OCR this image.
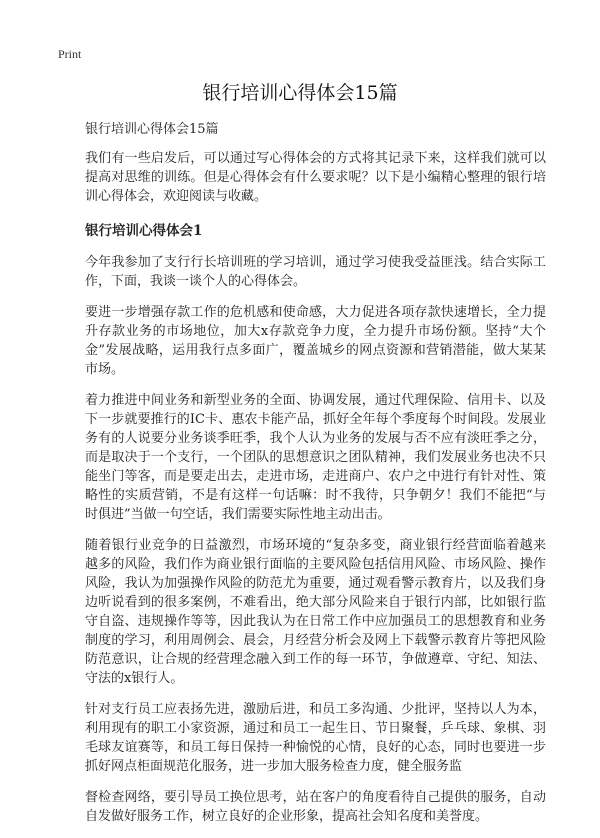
Print
银行培训心得体会15篇

银行培训心得体会15篇

我们有一些启发后，可以通过写心得体会的方式将其记录下来，这样我们就可以提高对思维的训练。但是心得体会有什么要求呢？以下是小编精心整理的银行培训心得体会，欢迎阅读与收藏。

银行培训心得体会1

今年我参加了支行行长培训班的学习培训，通过学习使我受益匪浅。结合实际工作，下面，我谈一谈个人的心得体会。

要进一步增强存款工作的危机感和使命感，大力促进各项存款快速增长，全力提升存款业务的市场地位，加大x存款竞争力度，全力提升市场份额。坚持“大个金”发展战略，运用我行点多面广，覆盖城乡的网点资源和营销潜能，做大某某市场。

着力推进中间业务和新型业务的全面、协调发展，通过代理保险、信用卡、以及下一步就要推行的IC卡、惠农卡能产品，抓好全年每个季度每个时间段。发展业务有的人说要分业务谈季旺季，我个人认为业务的发展与否不应有淡旺季之分，而是取决于一个支行，一个团队的思想意识之团队精神，我们发展业务也决不只能坐门等客，而是要走出去，走进市场，走进商户、农户之中进行有针对性、策略性的实质营销，不是有这样一句话嘛：时不我待，只争朝夕！我们不能把“与时俱进”当做一句空话，我们需要实际性地主动出击。

随着银行业竞争的日益激烈，市场环境的“复杂多变，商业银行经营面临着越来越多的风险，我们作为商业银行面临的主要风险包括信用风险、市场风险、操作风险，我认为加强操作风险的防范尤为重要，通过观看警示教育片，以及我们身边听说看到的很多案例，不难看出，绝大部分风险来自于银行内部，比如银行监守自盗、违规操作等等，因此我认为在日常工作中应加强员工的思想教育和业务制度的学习，利用周例会、晨会，月经营分析会及网上下载警示教育片等把风险防范意识，让合规的经营理念融入到工作的每一环节，争做遵章、守纪、知法、守法的x银行人。

针对支行员工应表扬先进，激励后进，和员工多沟通、少批评，坚持以人为本，利用现有的职工小家资源，通过和员工一起生日、节日聚餐，乒乓球、象棋、羽毛球友谊赛等，和员工每日保持一种愉悦的心情，良好的心态，同时也要进一步抓好网点柜面规范化服务，进一步加大服务检查力度，健全服务监

督检查网络，要引导员工换位思考，站在客户的角度看待自己提供的服务，自动自发做好服务工作，树立良好的企业形象，提高社会知名度和美誉度。
